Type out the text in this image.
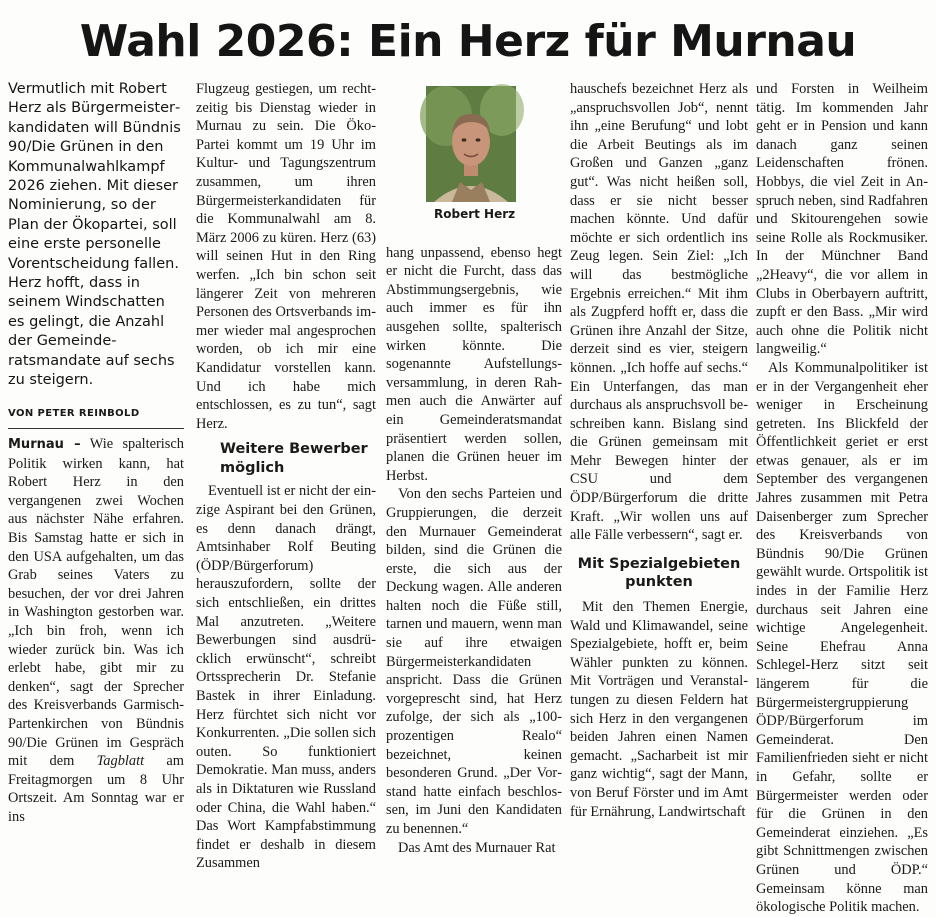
Wahl 2026: Ein Herz für Murnau

Vermutlich mit Robert Herz als Bürgermeisterkandidaten will Bündnis 90/Die Grünen in den Kommunalwahlkampf 2026 ziehen. Mit dieser Nominierung, so der Plan der Ökopartei, soll eine erste personelle Vorentscheidung fallen. Herz hofft, dass in seinem Windschatten es gelingt, die Anzahl der Gemeinderatsmandate auf sechs zu steigern.

VON PETER REINBOLD

Murnau – Wie spalterisch Politik wirken kann, hat Robert Herz in den vergangenen zwei Wochen aus nächster Nähe erfahren. Bis Samstag hatte er sich in den USA aufgehalten, um das Grab seines Vaters zu besuchen, der vor drei Jahren in Washington gestorben war. „Ich bin froh, wenn ich wieder zurück bin. Was ich erlebt habe, gibt mir zu denken“, sagt der Sprecher des Kreisverbands Garmisch-Partenkirchen von Bündnis 90/Die Grünen im Gespräch mit dem Tagblatt am Freitagmorgen um 8 Uhr Ortszeit. Am Sonntag war er ins

Flugzeug gestiegen, um rechtzeitig bis Dienstag wieder in Murnau zu sein. Die Öko-Partei kommt um 19 Uhr im Kultur- und Tagungszentrum zusammen, um ihren Bürgermeisterkandidaten für die Kommunalwahl am 8. März 2006 zu küren. Herz (63) will seinen Hut in den Ring werfen. „Ich bin schon seit längerer Zeit von mehreren Personen des Ortsverbands immer wieder mal angesprochen worden, ob ich mir eine Kandidatur vorstellen kann. Und ich habe mich entschlossen, es zu tun“, sagt Herz.

Weitere Bewerber möglich

Eventuell ist er nicht der einzige Aspirant bei den Grünen, es denn danach drängt, Amtsinhaber Rolf Beuting (ÖDP/Bürgerforum) herauszufordern, sollte der sich entschließen, ein drittes Mal anzutreten. „Weitere Bewerbungen sind ausdrücklich erwünscht“, schreibt Ortssprecherin Dr. Stefanie Bastek in ihrer Einladung. Herz fürchtet sich nicht vor Konkurrenten. „Die sollen sich outen. So funktioniert Demokratie. Man muss, anders als in Diktaturen wie Russland oder China, die Wahl haben.“ Das Wort Kampfabstimmung findet er deshalb in diesem Zusammen

Robert Herz

hang unpassend, ebenso hegt er nicht die Furcht, dass das Abstimmungsergebnis, wie auch immer es für ihn ausgehen sollte, spalterisch wirken könnte. Die sogenannte Aufstellungsversammlung, in deren Rahmen auch die Anwärter auf ein Gemeinderatsmandat präsentiert werden sollen, planen die Grünen heuer im Herbst.

Von den sechs Parteien und Gruppierungen, die derzeit den Murnauer Gemeinderat bilden, sind die Grünen die erste, die sich aus der Deckung wagen. Alle anderen halten noch die Füße still, tarnen und mauern, wenn man sie auf ihre etwaigen Bürgermeisterkandidaten anspricht. Dass die Grünen vorgeprescht sind, hat Herz zufolge, der sich als „100-prozentigen Realo“ bezeichnet, keinen besonderen Grund. „Der Vorstand hatte einfach beschlossen, im Juni den Kandidaten zu benennen.“

Das Amt des Murnauer Rat

hauschefs bezeichnet Herz als „anspruchsvollen Job“, nennt ihn „eine Berufung“ und lobt die Arbeit Beutings als im Großen und Ganzen „ganz gut“. Was nicht heißen soll, dass er sie nicht besser machen könnte. Und dafür möchte er sich ordentlich ins Zeug legen. Sein Ziel: „Ich will das bestmögliche Ergebnis erreichen.“ Mit ihm als Zugpferd hofft er, dass die Grünen ihre Anzahl der Sitze, derzeit sind es vier, steigern können. „Ich hoffe auf sechs.“ Ein Unterfangen, das man durchaus als anspruchsvoll beschreiben kann. Bislang sind die Grünen gemeinsam mit Mehr Bewegen hinter der CSU und dem ÖDP/Bürgerforum die dritte Kraft. „Wir wollen uns auf alle Fälle verbessern“, sagt er.

Mit Spezialgebieten punkten

Mit den Themen Energie, Wald und Klimawandel, seine Spezialgebiete, hofft er, beim Wähler punkten zu können. Mit Vorträgen und Veranstaltungen zu diesen Feldern hat sich Herz in den vergangenen beiden Jahren einen Namen gemacht. „Sacharbeit ist mir ganz wichtig“, sagt der Mann, von Beruf Förster und im Amt für Ernährung, Landwirtschaft

und Forsten in Weilheim tätig. Im kommenden Jahr geht er in Pension und kann danach ganz seinen Leidenschaften frönen. Hobbys, die viel Zeit in Anspruch neben, sind Radfahren und Skitourengehen sowie seine Rolle als Rockmusiker. In der Münchner Band „2Heavy“, die vor allem in Clubs in Oberbayern auftritt, zupft er den Bass. „Mir wird auch ohne die Politik nicht langweilig.“

Als Kommunalpolitiker ist er in der Vergangenheit eher weniger in Erscheinung getreten. Ins Blickfeld der Öffentlichkeit geriet er erst etwas genauer, als er im September des vergangenen Jahres zusammen mit Petra Daisenberger zum Sprecher des Kreisverbands von Bündnis 90/Die Grünen gewählt wurde. Ortspolitik ist indes in der Familie Herz durchaus seit Jahren eine wichtige Angelegenheit. Seine Ehefrau Anna Schlegel-Herz sitzt seit längerem für die Bürgermeistergruppierung ÖDP/Bürgerforum im Gemeinderat. Den Familienfrieden sieht er nicht in Gefahr, sollte er Bürgermeister werden oder für die Grünen in den Gemeinderat einziehen. „Es gibt Schnittmengen zwischen Grünen und ÖDP.“ Gemeinsam könne man ökologische Politik machen.
